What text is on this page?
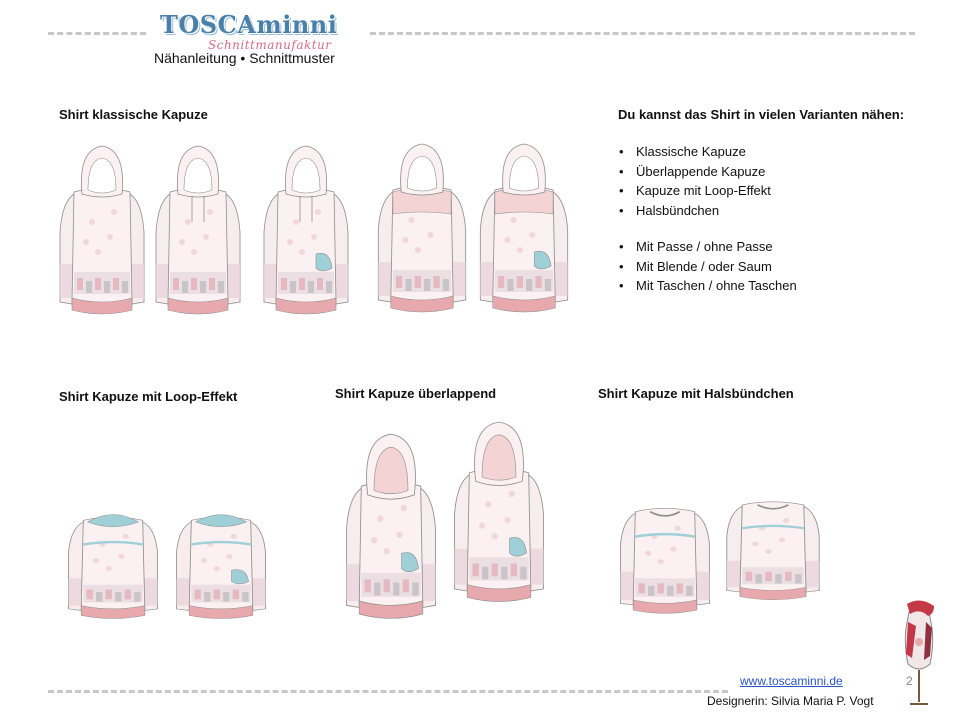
TOSCAminni
Schnittmanufaktur
Nähanleitung • Schnittmuster
Shirt klassische Kapuze
Shirt Kapuze mit Loop-Effekt	Shirt Kapuze überlappend	Shirt Kapuze mit Halsbündchen
Du kannst das Shirt in vielen Varianten nähen:
• Klassische Kapuze
• Überlappende Kapuze
• Kapuze mit Loop-Effekt
• Halsbündchen
• Mit Passe / ohne Passe
• Mit Blende / oder Saum
• Mit Taschen / ohne Taschen
www.toscaminni.de
Designerin: Silvia Maria P. Vogt
2
